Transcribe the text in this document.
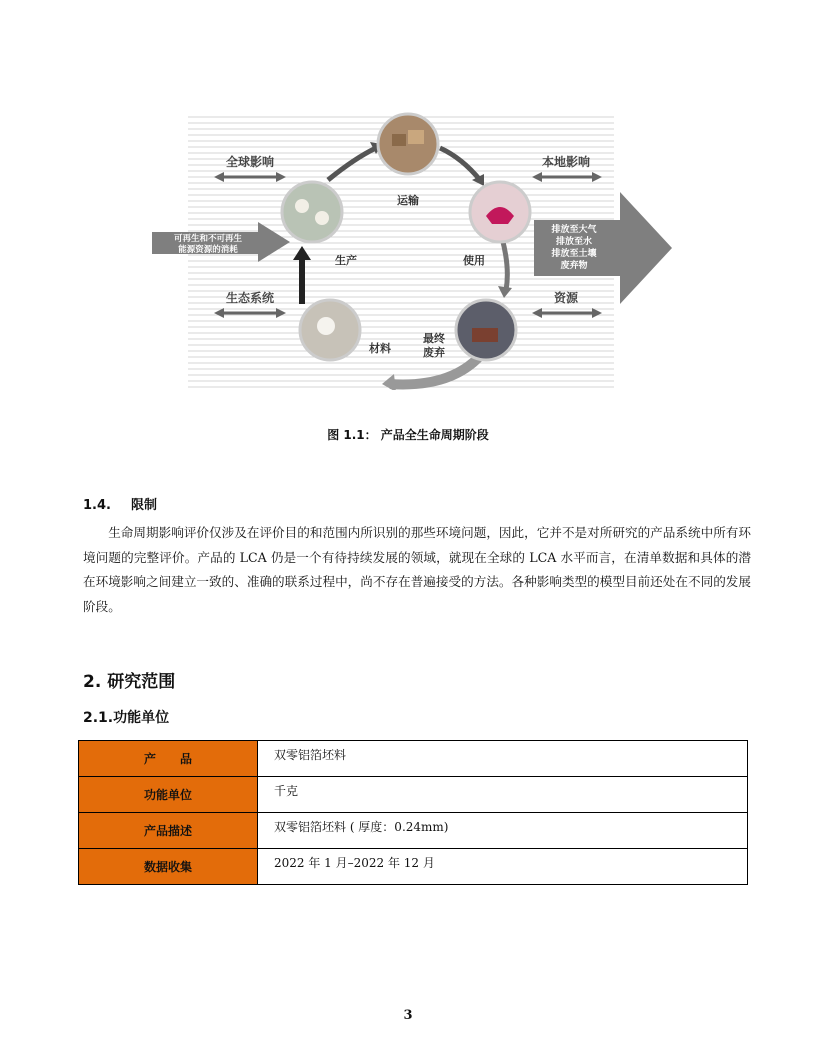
全球影响	本地影响
生态系统	资源
可再生和不可再生
能源资源的消耗
排放至大气
排放至水
排放至土壤
废弃物
运输
生产	使用
材料
最终
废弃
图 1.1： 产品全生命周期阶段
1.4. 限制
生命周期影响评价仅涉及在评价目的和范围内所识别的那些环境问题，因此，它并不是对所研究的产品系统中所有环境问题的完整评价。产品的 LCA 仍是一个有待持续发展的领域，就现在全球的 LCA 水平而言，在清单数据和具体的潜在环境影响之间建立一致的、准确的联系过程中，尚不存在普遍接受的方法。各种影响类型的模型目前还处在不同的发展阶段。
2. 研究范围
2.1.功能单位
产　　品	双零铝箔坯料
功能单位	千克
产品描述	双零铝箔坯料 ( 厚度：0.24mm)
数据收集	2022 年 1 月–2022 年 12 月
3
